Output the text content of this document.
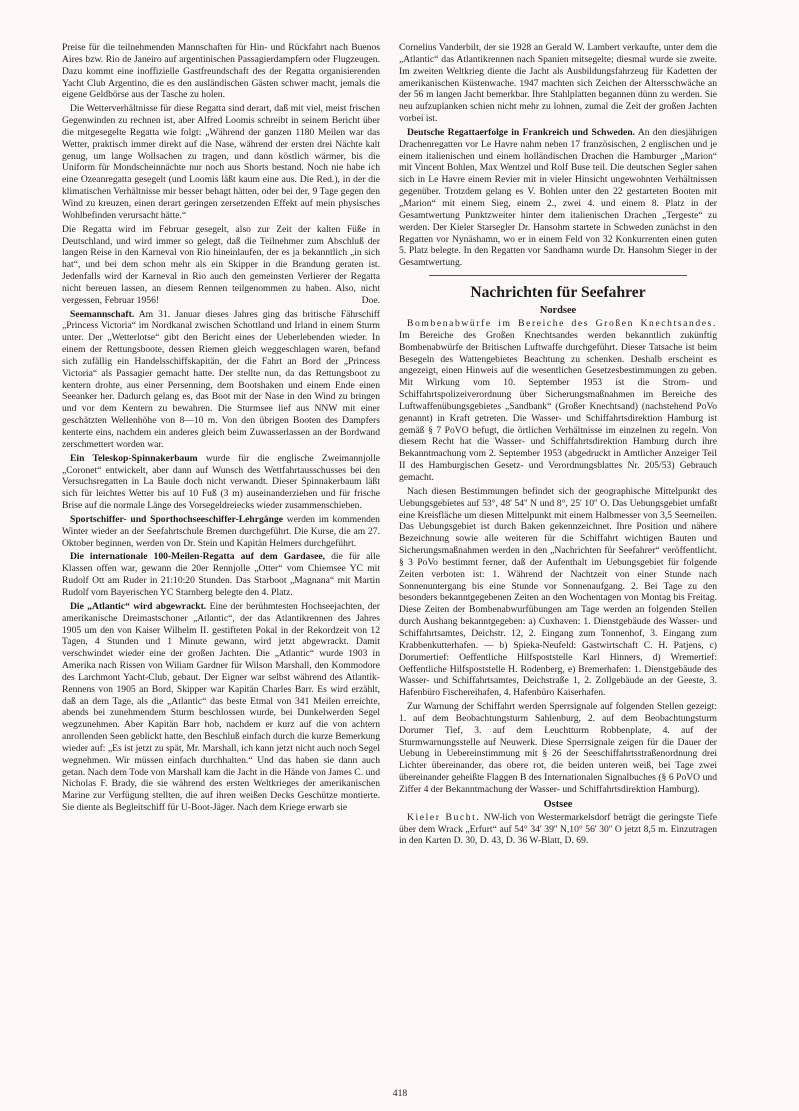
Preise für die teilnehmenden Mannschaften für Hin- und Rückfahrt nach Buenos Aires bzw. Rio de Janeiro auf argentinischen Passagierdampfern oder Flugzeugen. Dazu kommt eine inoffizielle Gastfreundschaft des der Regatta organisierenden Yacht Club Argentino, die es den ausländischen Gästen schwer macht, jemals die eigene Geldbörse aus der Tasche zu holen.

Die Wetterverhältnisse für diese Regatta sind derart, daß mit viel, meist frischen Gegenwinden zu rechnen ist, aber Alfred Loomis schreibt in seinem Bericht über die mitgesegelte Regatta wie folgt: „Während der ganzen 1180 Meilen war das Wetter, praktisch immer direkt auf die Nase, während der ersten drei Nächte kalt genug, um lange Wollsachen zu tragen, und dann köstlich wärmer, bis die Uniform für Mondscheinnächte nur noch aus Shorts bestand. Noch nie habe ich eine Ozeanregatta gesegelt (und Loomis läßt kaum eine aus. Die Red.), in der die klimatischen Verhältnisse mir besser behagt hätten, oder bei der, 9 Tage gegen den Wind zu kreuzen, einen derart geringen zersetzenden Effekt auf mein physisches Wohlbefinden verursacht hätte.“

Die Regatta wird im Februar gesegelt, also zur Zeit der kalten Füße in Deutschland, und wird immer so gelegt, daß die Teilnehmer zum Abschluß der langen Reise in den Karneval von Rio hineinlaufen, der es ja bekanntlich „in sich hat“, und bei dem schon mehr als ein Skipper in die Brandung geraten ist. Jedenfalls wird der Karneval in Rio auch den gemeinsten Verlierer der Regatta nicht bereuen lassen, an diesem Rennen teilgenommen zu haben. Also, nicht vergessen, Februar 1956!	Doe.

Seemannschaft. Am 31. Januar dieses Jahres ging das britische Fährschiff „Princess Victoria“ im Nordkanal zwischen Schottland und Irland in einem Sturm unter. Der „Wetterlotse“ gibt den Bericht eines der Ueberlebenden wieder. In einem der Rettungsboote, dessen Riemen gleich weggeschlagen waren, befand sich zufällig ein Handelsschiffskapitän, der die Fahrt an Bord der „Princess Victoria“ als Passagier gemacht hatte. Der stellte nun, da das Rettungsboot zu kentern drohte, aus einer Persenning, dem Bootshaken und einem Ende einen Seeanker her. Dadurch gelang es, das Boot mit der Nase in den Wind zu bringen und vor dem Kentern zu bewahren. Die Sturmsee lief aus NNW mit einer geschätzten Wellenhöhe von 8—10 m. Von den übrigen Booten des Dampfers kenterte eins, nachdem ein anderes gleich beim Zuwasserlassen an der Bordwand zerschmettert worden war.

Ein Teleskop-Spinnakerbaum wurde für die englische Zweimannjolle „Coronet“ entwickelt, aber dann auf Wunsch des Wettfahrtausschusses bei den Versuchsregatten in La Baule doch nicht verwandt. Dieser Spinnakerbaum läßt sich für leichtes Wetter bis auf 10 Fuß (3 m) auseinanderziehen und für frische Brise auf die normale Länge des Vorsegeldreiecks wieder zusammenschieben.

Sportschiffer- und Sporthochseeschiffer-Lehrgänge werden im kommenden Winter wieder an der Seefahrtschule Bremen durchgeführt. Die Kurse, die am 27. Oktober beginnen, werden von Dr. Stein und Kapitän Helmers durchgeführt.

Die internationale 100-Meilen-Regatta auf dem Gardasee, die für alle Klassen offen war, gewann die 20er Rennjolle „Otter“ vom Chiemsee YC mit Rudolf Ott am Ruder in 21:10:20 Stunden. Das Starboot „Magnana“ mit Martin Rudolf vom Bayerischen YC Starnberg belegte den 4. Platz.

Die „Atlantic“ wird abgewrackt. Eine der berühmtesten Hochseejachten, der amerikanische Dreimastschoner „Atlantic“, der das Atlantikrennen des Jahres 1905 um den von Kaiser Wilhelm II. gestifteten Pokal in der Rekordzeit von 12 Tagen, 4 Stunden und 1 Minute gewann, wird jetzt abgewrackt. Damit verschwindet wieder eine der großen Jachten. Die „Atlantic“ wurde 1903 in Amerika nach Rissen von Wiliam Gardner für Wilson Marshall, den Kommodore des Larchmont Yacht-Club, gebaut. Der Eigner war selbst während des Atlantik-Rennens von 1905 an Bord, Skipper war Kapitän Charles Barr. Es wird erzählt, daß an dem Tage, als die „Atlantic“ das beste Etmal von 341 Meilen erreichte, abends bei zunehmendem Sturm beschlossen wurde, bei Dunkelwerden Segel wegzunehmen. Aber Kapitän Barr hob, nachdem er kurz auf die von achtern anrollenden Seen geblickt hatte, den Beschluß einfach durch die kurze Bemerkung wieder auf: „Es ist jetzt zu spät, Mr. Marshall, ich kann jetzt nicht auch noch Segel wegnehmen. Wir müssen einfach durchhalten.“ Und das haben sie dann auch getan. Nach dem Tode von Marshall kam die Jacht in die Hände von James C. und Nicholas F. Brady, die sie während des ersten Weltkrieges der amerikanischen Marine zur Verfügung stellten, die auf ihren weißen Decks Geschütze montierte. Sie diente als Begleitschiff für U-Boot-Jäger. Nach dem Kriege erwarb sie

Cornelius Vanderbilt, der sie 1928 an Gerald W. Lambert verkaufte, unter dem die „Atlantic“ das Atlantikrennen nach Spanien mitsegelte; diesmal wurde sie zweite. Im zweiten Weltkrieg diente die Jacht als Ausbildungsfahrzeug für Kadetten der amerikanischen Küstenwache. 1947 machten sich Zeichen der Altersschwäche an der 56 m langen Jacht bemerkbar. Ihre Stahlplatten begannen dünn zu werden. Sie neu aufzuplanken schien nicht mehr zu lohnen, zumal die Zeit der großen Jachten vorbei ist.

Deutsche Regattaerfolge in Frankreich und Schweden. An den diesjährigen Drachenregatten vor Le Havre nahm neben 17 französischen, 2 englischen und je einem italienischen und einem holländischen Drachen die Hamburger „Marion“ mit Vincent Bohlen, Max Wentzel und Rolf Buse teil. Die deutschen Segler sahen sich in Le Havre einem Revier mit in vieler Hinsicht ungewohnten Verhältnissen gegenüber. Trotzdem gelang es V. Bohlen unter den 22 gestarteten Booten mit „Marion“ mit einem Sieg, einem 2., zwei 4. und einem 8. Platz in der Gesamtwertung Punktzweiter hinter dem italienischen Drachen „Tergeste“ zu werden. Der Kieler Starsegler Dr. Hansohm startete in Schweden zunächst in den Regatten vor Nynäshamn, wo er in einem Feld von 32 Konkurrenten einen guten 5. Platz belegte. In den Regatten vor Sandhamn wurde Dr. Hansohm Sieger in der Gesamtwertung.

Nachrichten für Seefahrer
Nordsee

Bombenabwürfe im Bereiche des Großen Knechtsandes. Im Bereiche des Großen Knechtsandes werden bekanntlich zukünftig Bombenabwürfe der Britischen Luftwaffe durchgeführt. Dieser Tatsache ist beim Besegeln des Wattengebietes Beachtung zu schenken. Deshalb erscheint es angezeigt, einen Hinweis auf die wesentlichen Gesetzesbestimmungen zu geben. Mit Wirkung vom 10. September 1953 ist die Strom- und Schiffahrtspolizeiverordnung über Sicherungsmaßnahmen im Bereiche des Luftwaffenübungsgebietes „Sandbank“ (Großer Knechtsand) (nachstehend PoVo genannt) in Kraft getreten. Die Wasser- und Schiffahrtsdirektion Hamburg ist gemäß § 7 PoVO befugt, die örtlichen Verhältnisse im einzelnen zu regeln. Von diesem Recht hat die Wasser- und Schiffahrtsdirektion Hamburg durch ihre Bekanntmachung vom 2. September 1953 (abgedruckt in Amtlicher Anzeiger Teil II des Hamburgischen Gesetz- und Verordnungsblattes Nr. 205/53) Gebrauch gemacht.

Nach diesen Bestimmungen befindet sich der geographische Mittelpunkt des Uebungsgebietes auf 53°, 48' 54'' N und 8°, 25' 10'' O. Das Uebungsgebiet umfaßt eine Kreisfläche um diesen Mittelpunkt mit einem Halbmesser von 3,5 Seemeilen. Das Uebungsgebiet ist durch Baken gekennzeichnet. Ihre Position und nähere Bezeichnung sowie alle weiteren für die Schiffahrt wichtigen Bauten und Sicherungsmaßnahmen werden in den „Nachrichten für Seefahrer“ veröffentlicht. § 3 PoVo bestimmt ferner, daß der Aufenthalt im Uebungsgebiet für folgende Zeiten verboten ist: 1. Während der Nachtzeit von einer Stunde nach Sonnenuntergang bis eine Stunde vor Sonnenaufgang. 2. Bei Tage zu den besonders bekanntgegebenen Zeiten an den Wochentagen von Montag bis Freitag. Diese Zeiten der Bombenabwurfübungen am Tage werden an folgenden Stellen durch Aushang bekanntgegeben: a) Cuxhaven: 1. Dienstgebäude des Wasser- und Schiffahrtsamtes, Deichstr. 12, 2. Eingang zum Tonnenhof, 3. Eingang zum Krabbenkutterhafen. — b) Spieka-Neufeld: Gastwirtschaft C. H. Patjens, c) Dorumertief: Oeffentliche Hilfspoststelle Karl Hinners, d) Wremertief: Oeffentliche Hilfspoststelle H. Rodenberg, e) Bremerhafen: 1. Dienstgebäude des Wasser- und Schiffahrtsamtes, Deichstraße 1, 2. Zollgebäude an der Geeste, 3. Hafenbüro Fischereihafen, 4. Hafenbüro Kaiserhafen.

Zur Warnung der Schiffahrt werden Sperrsignale auf folgenden Stellen gezeigt: 1. auf dem Beobachtungsturm Sahlenburg, 2. auf dem Beobachtungsturm Dorumer Tief, 3. auf dem Leuchtturm Robbenplate, 4. auf der Sturmwarnungsstelle auf Neuwerk. Diese Sperrsignale zeigen für die Dauer der Uebung in Uebereinstimmung mit § 26 der Seeschiffahrtsstraßenordnung drei Lichter übereinander, das obere rot, die beiden unteren weiß, bei Tage zwei übereinander geheißte Flaggen B des Internationalen Signalbuches (§ 6 PoVO und Ziffer 4 der Bekanntmachung der Wasser- und Schiffahrtsdirektion Hamburg).

Ostsee

Kieler Bucht. NW-lich von Westermarkelsdorf beträgt die geringste Tiefe über dem Wrack „Erfurt“ auf 54° 34' 39'' N,10° 56' 30'' O jetzt 8,5 m. Einzutragen in den Karten D. 30, D. 43, D. 36 W-Blatt, D. 69.

418
